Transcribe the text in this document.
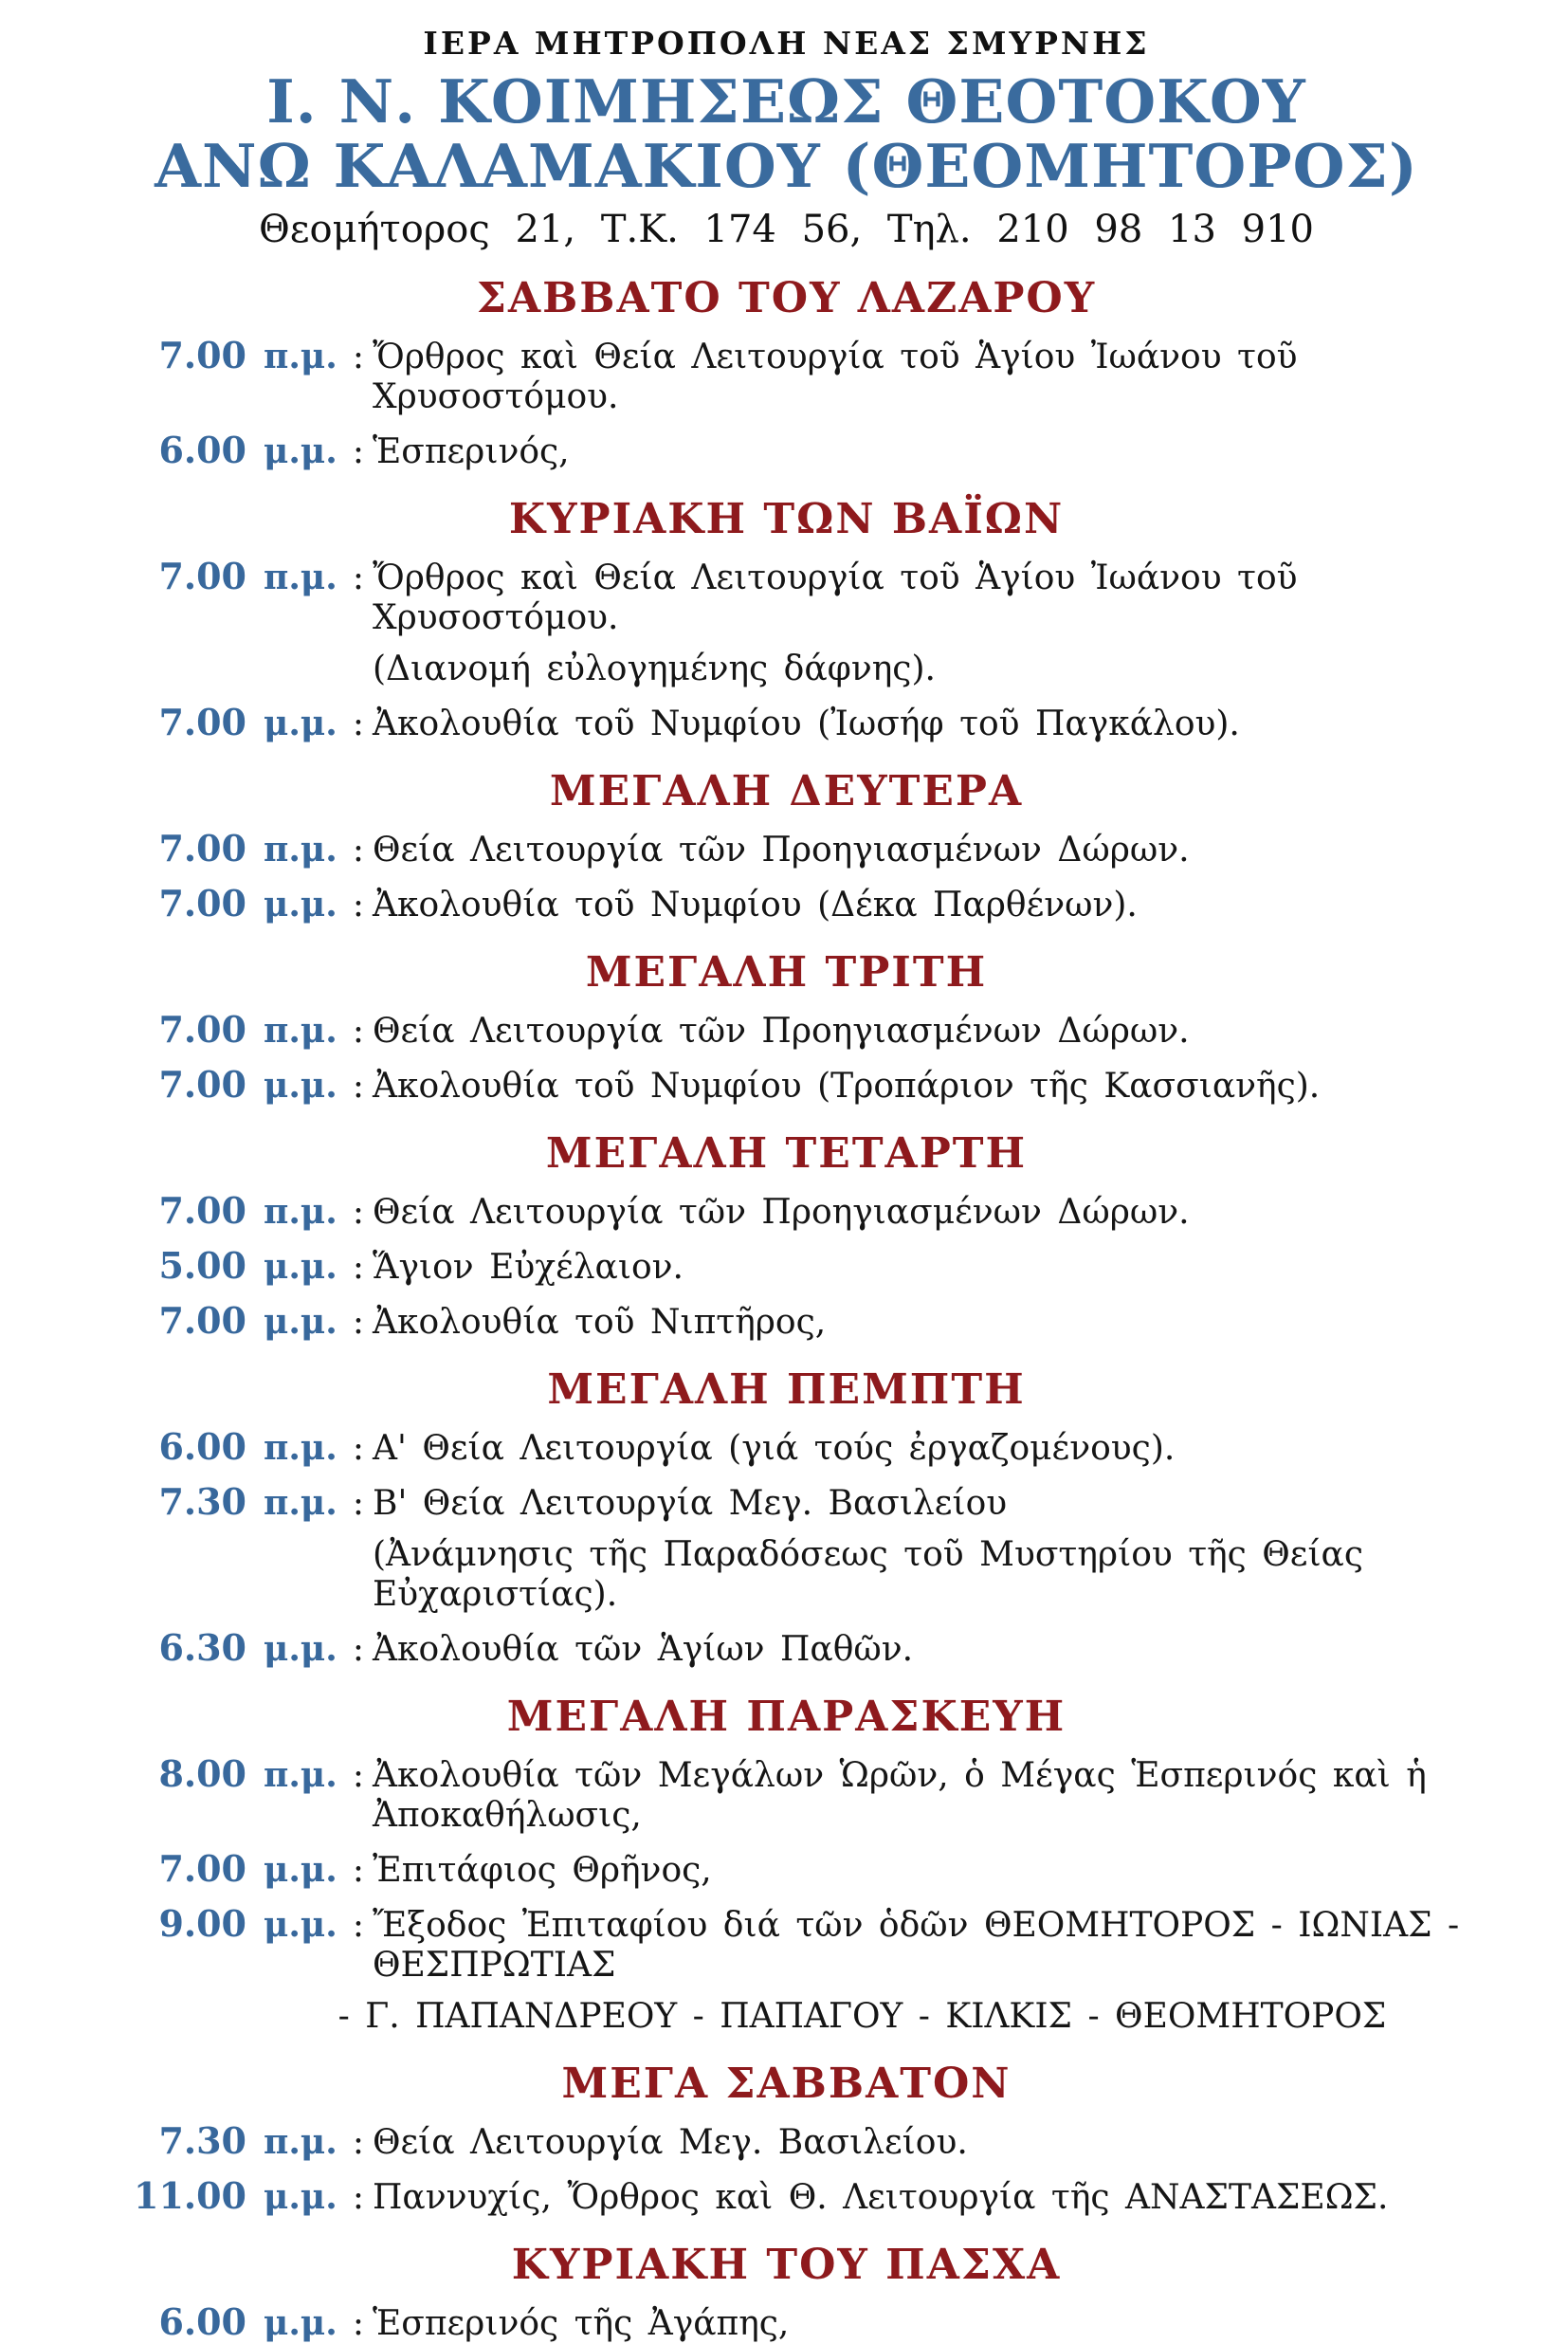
ΙΕΡΑ ΜΗΤΡΟΠΟΛΗ ΝΕΑΣ ΣΜΥΡΝΗΣ
Ι. Ν. ΚΟΙΜΗΣΕΩΣ ΘΕΟΤΟΚΟΥ
ΑΝΩ ΚΑΛΑΜΑΚΙΟΥ (ΘΕΟΜΗΤΟΡΟΣ)
Θεομήτορος 21, Τ.Κ. 174 56, Τηλ. 210 98 13 910
ΣΑΒΒΑΤΟ ΤΟΥ ΛΑΖΑΡΟΥ
7.00 π.μ. : Ὄρθρος καὶ Θεία Λειτουργία τοῦ Ἁγίου Ἰωάνου τοῦ Χρυσοστόμου.
6.00 μ.μ. : Ἑσπερινός,
ΚΥΡΙΑΚΗ ΤΩΝ ΒΑΪΩΝ
7.00 π.μ. : Ὄρθρος καὶ Θεία Λειτουργία τοῦ Ἁγίου Ἰωάνου τοῦ Χρυσοστόμου.
(Διανομή εὐλογημένης δάφνης).
7.00 μ.μ. : Ἀκολουθία τοῦ Νυμφίου (Ἰωσήφ τοῦ Παγκάλου).
ΜΕΓΑΛΗ ΔΕΥΤΕΡΑ
7.00 π.μ. : Θεία Λειτουργία τῶν Προηγιασμένων Δώρων.
7.00 μ.μ. : Ἀκολουθία τοῦ Νυμφίου (Δέκα Παρθένων).
ΜΕΓΑΛΗ ΤΡΙΤΗ
7.00 π.μ. : Θεία Λειτουργία τῶν Προηγιασμένων Δώρων.
7.00 μ.μ. : Ἀκολουθία τοῦ Νυμφίου (Τροπάριον τῆς Κασσιανῆς).
ΜΕΓΑΛΗ ΤΕΤΑΡΤΗ
7.00 π.μ. : Θεία Λειτουργία τῶν Προηγιασμένων Δώρων.
5.00 μ.μ. : Ἅγιον Εὐχέλαιον.
7.00 μ.μ. : Ἀκολουθία τοῦ Νιπτῆρος,
ΜΕΓΑΛΗ ΠΕΜΠΤΗ
6.00 π.μ. : Α' Θεία Λειτουργία (γιά τούς ἐργαζομένους).
7.30 π.μ. : Β' Θεία Λειτουργία Μεγ. Βασιλείου
(Ἀνάμνησις τῆς Παραδόσεως τοῦ Μυστηρίου τῆς Θείας Εὐχαριστίας).
6.30 μ.μ. : Ἀκολουθία τῶν Ἁγίων Παθῶν.
ΜΕΓΑΛΗ ΠΑΡΑΣΚΕΥΗ
8.00 π.μ. : Ἀκολουθία τῶν Μεγάλων Ὡρῶν, ὁ Μέγας Ἑσπερινός καὶ ἡ Ἀποκαθήλωσις,
7.00 μ.μ. : Ἐπιτάφιος Θρῆνος,
9.00 μ.μ. : Ἔξοδος Ἐπιταφίου διά τῶν ὁδῶν ΘΕΟΜΗΤΟΡΟΣ - ΙΩΝΙΑΣ - ΘΕΣΠΡΩΤΙΑΣ
- Γ. ΠΑΠΑΝΔΡΕΟΥ - ΠΑΠΑΓΟΥ - ΚΙΛΚΙΣ - ΘΕΟΜΗΤΟΡΟΣ
ΜΕΓΑ ΣΑΒΒΑΤΟΝ
7.30 π.μ. : Θεία Λειτουργία Μεγ. Βασιλείου.
11.00 μ.μ. : Παννυχίς, Ὄρθρος καὶ Θ. Λειτουργία τῆς ΑΝΑΣΤΑΣΕΩΣ.
ΚΥΡΙΑΚΗ ΤΟΥ ΠΑΣΧΑ
6.00 μ.μ. : Ἑσπερινός τῆς Ἀγάπης,
